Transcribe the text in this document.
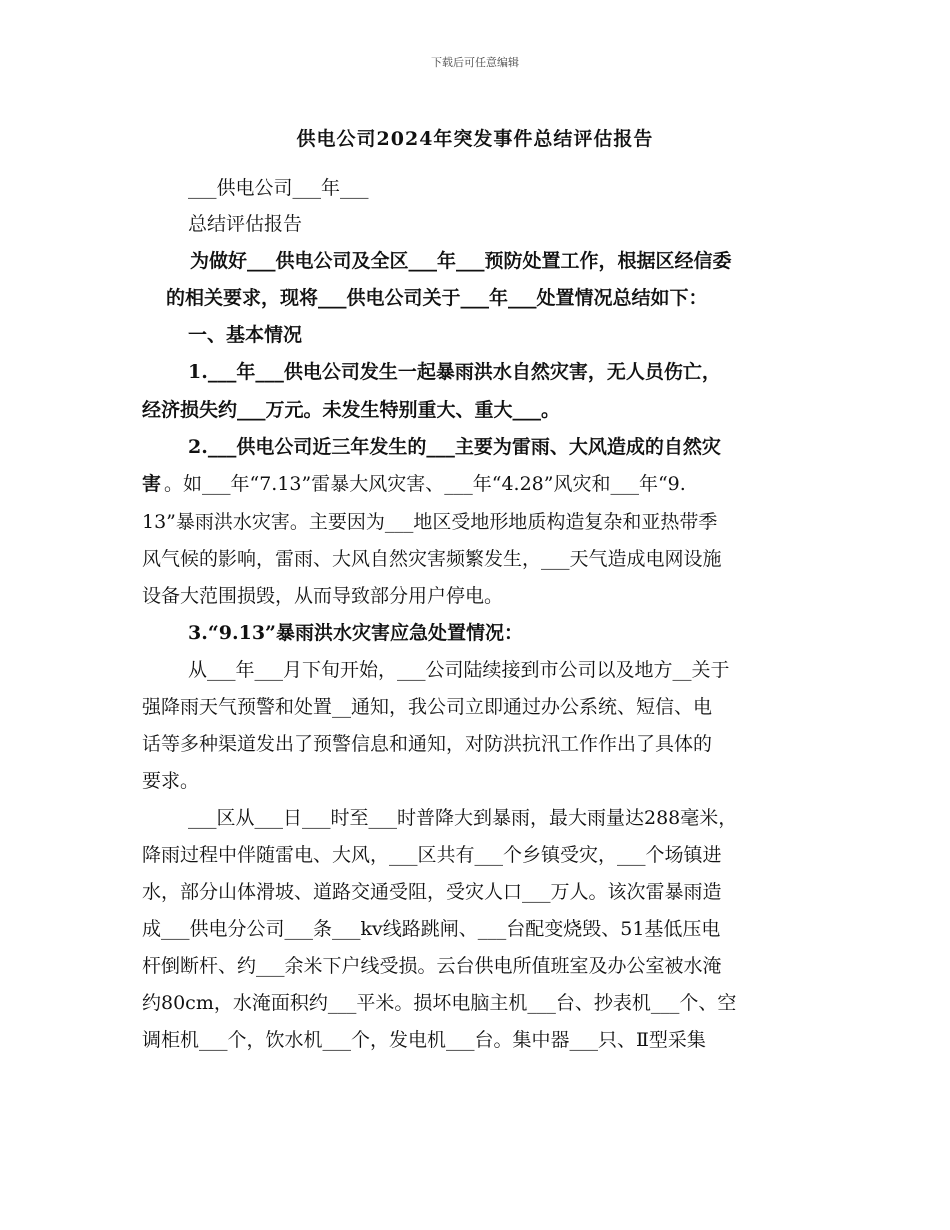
下载后可任意编辑
供电公司2024年突发事件总结评估报告
___供电公司___年___
总结评估报告
为做好___供电公司及全区___年___预防处置工作，根据区经信委
的相关要求，现将___供电公司关于___年___处置情况总结如下：
一、基本情况
1.___年___供电公司发生一起暴雨洪水自然灾害，无人员伤亡，
经济损失约___万元。未发生特别重大、重大___。
2.___供电公司近三年发生的___主要为雷雨、大风造成的自然灾
害 。如___年“7.13”雷暴大风灾害、___年“4.28”风灾和___年“9.
13”暴雨洪水灾害。主要因为___地区受地形地质构造复杂和亚热带季
风气候的影响，雷雨、大风自然灾害频繁发生，___天气造成电网设施
设备大范围损毁，从而导致部分用户停电。
3.“9.13”暴雨洪水灾害应急处置情况：
从___年___月下旬开始，___公司陆续接到市公司以及地方__关于
强降雨天气预警和处置__通知，我公司立即通过办公系统、短信、电
话等多种渠道发出了预警信息和通知，对防洪抗汛工作作出了具体的
要求。
___区从___日___时至___时普降大到暴雨，最大雨量达288毫米，
降雨过程中伴随雷电、大风，___区共有___个乡镇受灾，___个场镇进
水，部分山体滑坡、道路交通受阻，受灾人口___万人。该次雷暴雨造
成___供电分公司___条___kv线路跳闸、___台配变烧毁、51基低压电
杆倒断杆、约___余米下户线受损。云台供电所值班室及办公室被水淹
约80cm，水淹面积约___平米。损坏电脑主机___台、抄表机___个、空
调柜机___个，饮水机___个，发电机___台。集中器___只、Ⅱ型采集
